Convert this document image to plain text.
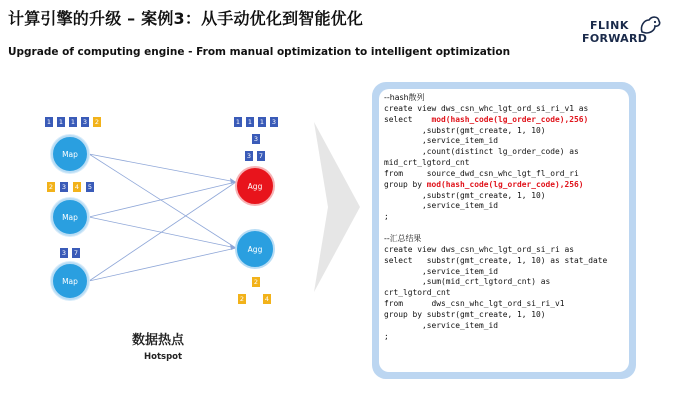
计算引擎的升级 – 案例3：从手动优化到智能优化
Upgrade of computing engine - From manual optimization to intelligent optimization
FLINK
FORWARD
1 1 1 3 2
Map
2 3 4 5
Map
3 7
Map
1 1 1 3
3
3 7
Agg
Agg
2
2	4
数据热点
Hotspot
--hash散列
create view dws_csn_whc_lgt_ord_si_ri_v1 as
select    mod(hash_code(lg_order_code),256)
,substr(gmt_create, 1, 10)
,service_item_id
,count(distinct lg_order_code) as
mid_crt_lgtord_cnt
from     source_dwd_csn_whc_lgt_fl_ord_ri
group by mod(hash_code(lg_order_code),256)
,substr(gmt_create, 1, 10)
,service_item_id
;
--汇总结果
create view dws_csn_whc_lgt_ord_si_ri as
select   substr(gmt_create, 1, 10) as stat_date
,service_item_id
,sum(mid_crt_lgtord_cnt) as
crt_lgtord_cnt
from      dws_csn_whc_lgt_ord_si_ri_v1
group by substr(gmt_create, 1, 10)
,service_item_id
;
